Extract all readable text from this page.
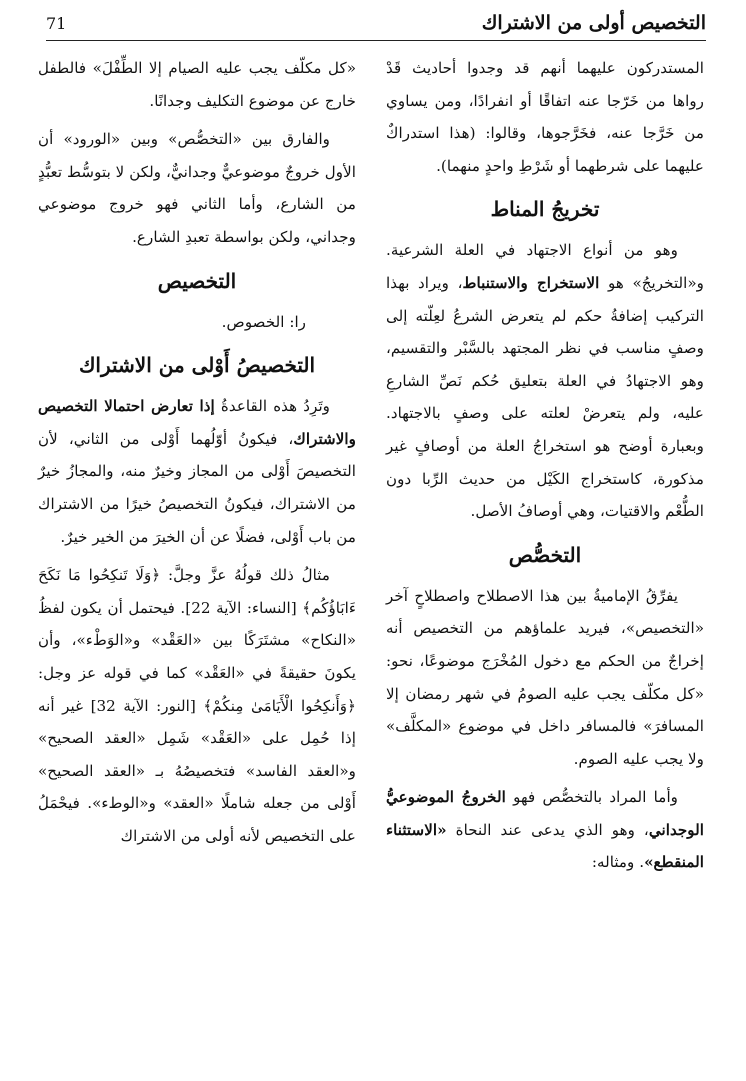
التخصيص أولى من الاشتراك
71

المستدركون عليهما أنهم قد وجدوا أحاديث قَدْ رواها من خَرّجا عنه اتفاقًا أو انفرادًا، ومن يساوي من خَرَّجا عنه، فخَرَّجوها، وقالوا: (هذا استدراكٌ عليهما على شرطهما أو شَرْطِ واحدٍ منهما).

تخريجُ المناط

وهو من أنواع الاجتهاد في العلة الشرعية. و«التخريجُ» هو الاستخراج والاستنباط، ويراد بهذا التركيب إضافةُ حكم لم يتعرض الشرعُ لعِلّته إلى وصفٍ مناسب في نظر المجتهد بالسَّبْر والتقسيم، وهو الاجتهادُ في العلة بتعليق حُكم نَصِّ الشارعِ عليه، ولم يتعرضْ لعلته على وصفٍ بالاجتهاد. وبعبارة أوضح هو استخراجُ العلة من أوصافٍ غير مذكورة، كاستخراج الكَيْل من حديث الرِّبا دون الطُّعْم والاقتيات، وهي أوصافُ الأصل.

التخصُّص

يفرِّقُ الإماميةُ بين هذا الاصطلاح واصطلاحٍ آخر «التخصيص»، فيريد علماؤهم من التخصيص أنه إخراجٌ من الحكم مع دخول المُخْرَج موضوعًا، نحو: «كل مكلّف يجب عليه الصومُ في شهر رمضان إلا المسافرَ» فالمسافر داخل في موضوع «المكلَّف» ولا يجب عليه الصوم.

وأما المراد بالتخصُّص فهو الخروجُ الموضوعيُّ الوجداني، وهو الذي يدعى عند النحاة «الاستثناء المنقطع». ومثاله:

«كل مكلّف يجب عليه الصيام إلا الطِّفْلَ» فالطفل خارج عن موضوع التكليف وجدانًا.

والفارق بين «التخصُّص» وبين «الورود» أن الأول خروجٌ موضوعيٌّ وجدانيٌّ، ولكن لا بتوسُّط تعبُّدٍ من الشارع، وأما الثاني فهو خروج موضوعي وجداني، ولكن بواسطة تعبدِ الشارع.

التخصيص

را: الخصوص.

التخصيصُ أَوْلى من الاشتراك

وتَرِدُ هذه القاعدةُ إذا تعارض احتمالا التخصيص والاشتراك، فيكونُ أوّلُهما أَوْلى من الثاني، لأن التخصيصَ أَوْلى من المجاز وخيرٌ منه، والمجازُ خيرٌ من الاشتراك، فيكونُ التخصيصُ خيرًا من الاشتراك من باب أَوْلى، فضلًا عن أن الخيرَ من الخير خيرٌ.

مثالُ ذلك قولُهُ عزَّ وجلَّ: ﴿وَلَا تَنكِحُوا مَا نَكَحَ ءَابَاؤُكُم﴾ [النساء: الآية 22]. فيحتمل أن يكون لفظُ «النكاح» مشتَرَكًا بين «العَقْد» و«الوَطْء»، وأن يكونَ حقيقةً في «العَقْد» كما في قوله عز وجل: ﴿وَأَنكِحُوا الْأَيَامَىٰ مِنكُمْ﴾ [النور: الآية 32] غير أنه إذا حُمِل على «العَقْد» شَمِل «العقد الصحيح» و«العقد الفاسد» فتخصيصُهُ بـ «العقد الصحيح» أَوْلى من جعله شاملًا «العقد» و«الوطء». فيحْمَلُ على التخصيص لأنه أولى من الاشتراك
